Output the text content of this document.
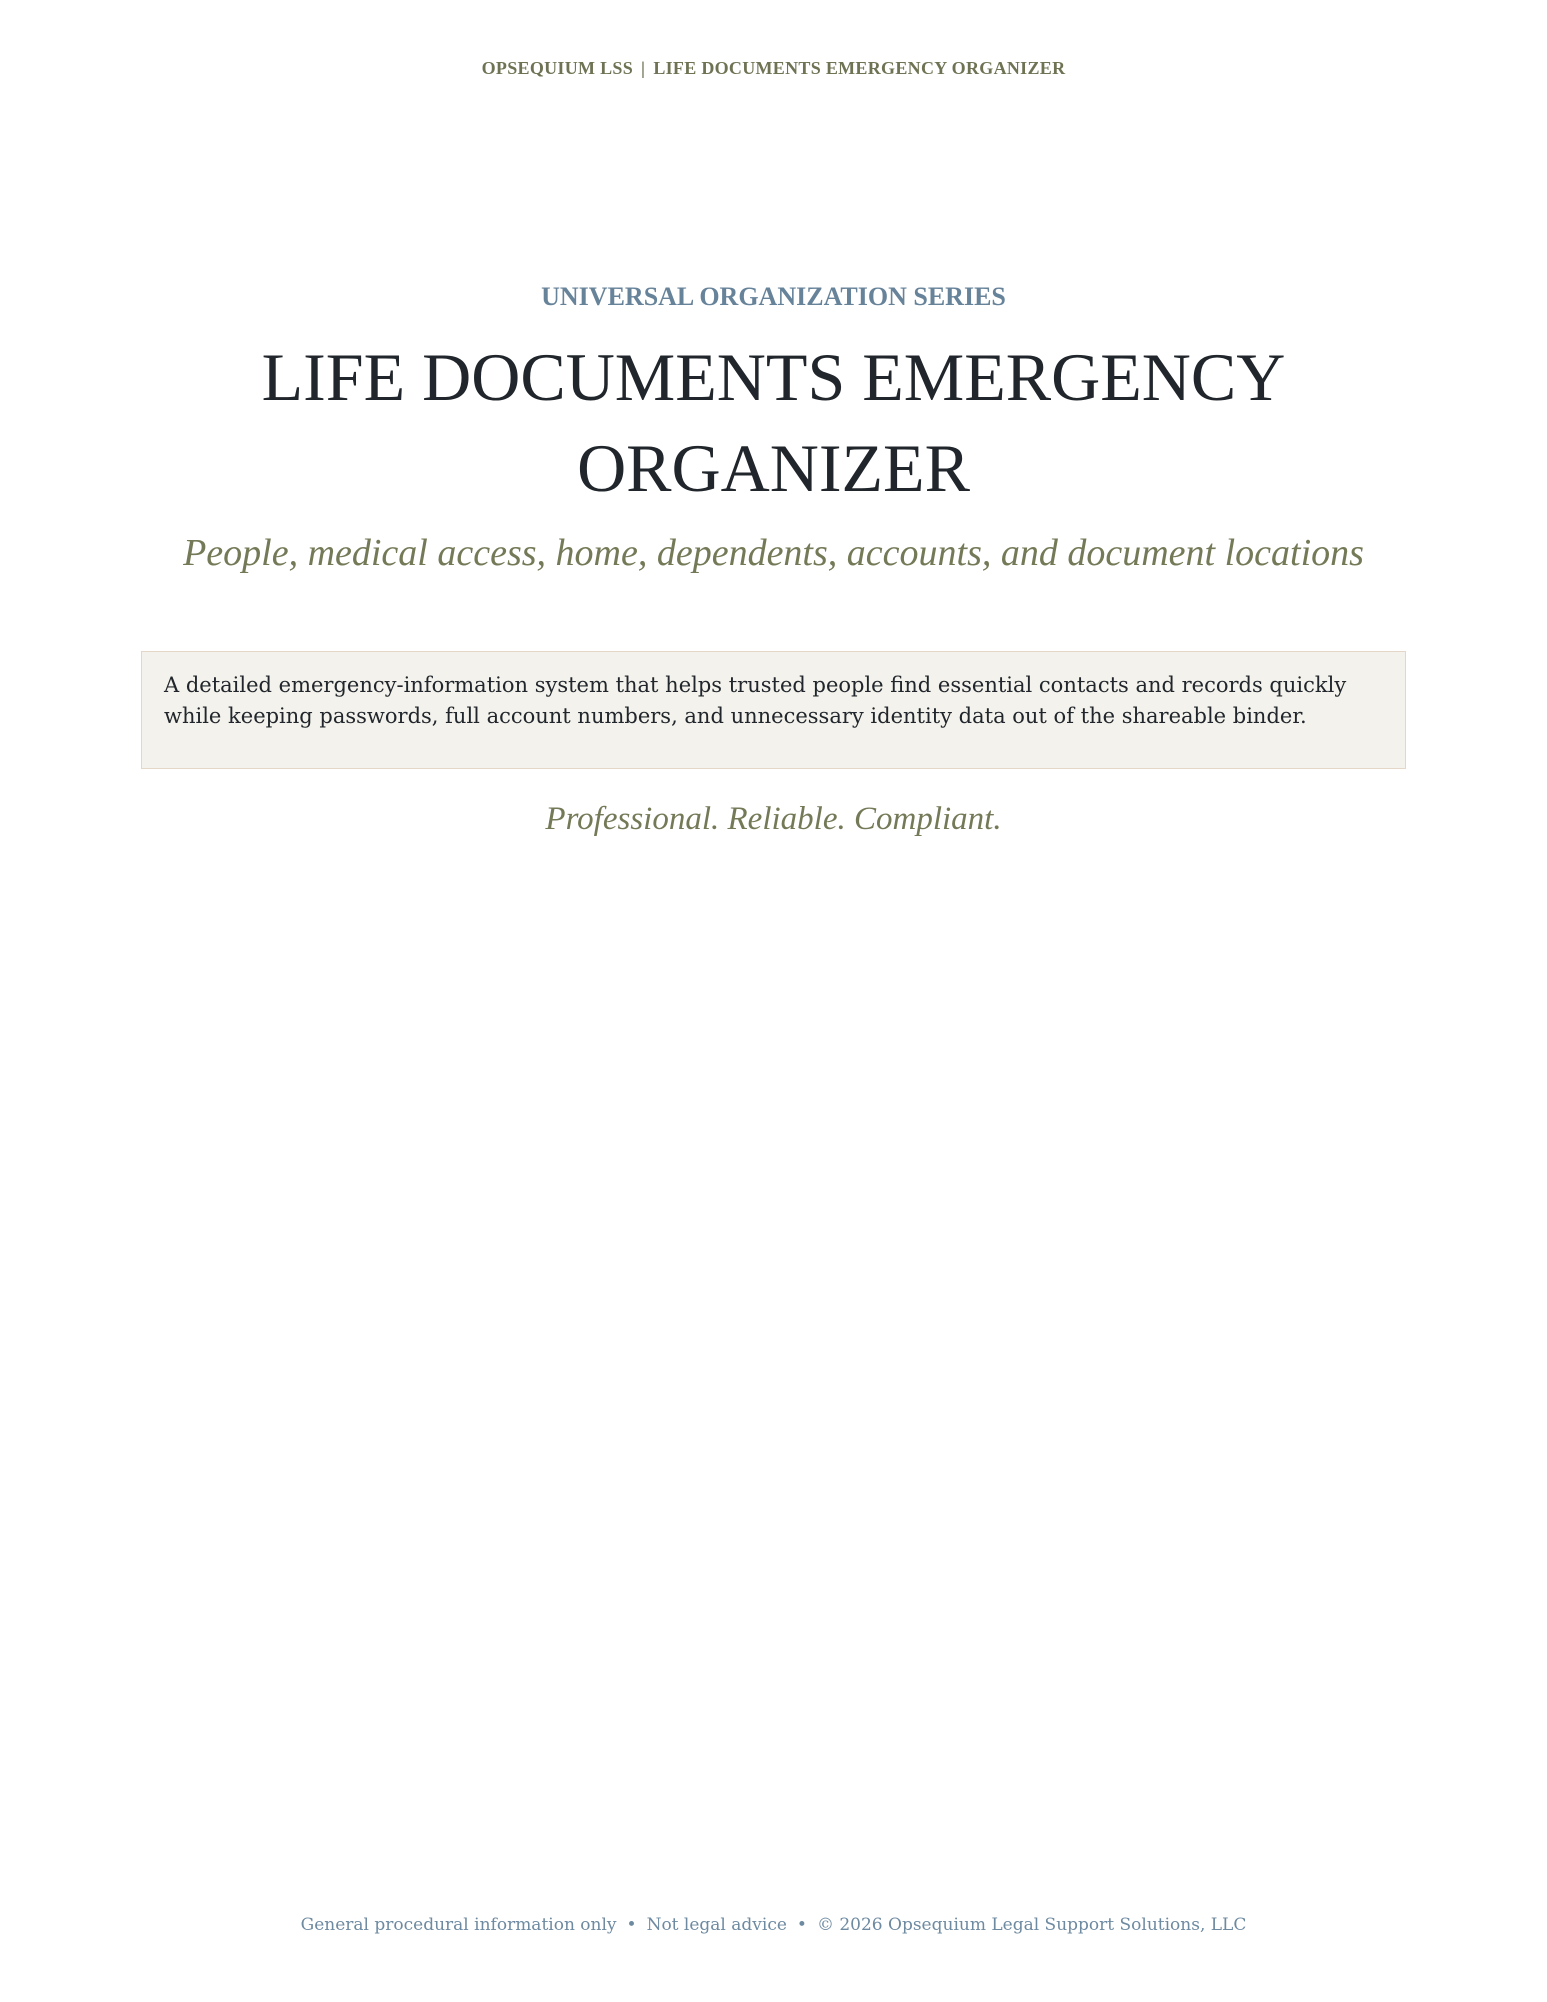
OPSEQUIUM LSS | LIFE DOCUMENTS EMERGENCY ORGANIZER
UNIVERSAL ORGANIZATION SERIES
LIFE DOCUMENTS EMERGENCY ORGANIZER
People, medical access, home, dependents, accounts, and document locations
A detailed emergency-information system that helps trusted people find essential contacts and records quickly while keeping passwords, full account numbers, and unnecessary identity data out of the shareable binder.
Professional. Reliable. Compliant.
General procedural information only • Not legal advice • © 2026 Opsequium Legal Support Solutions, LLC
